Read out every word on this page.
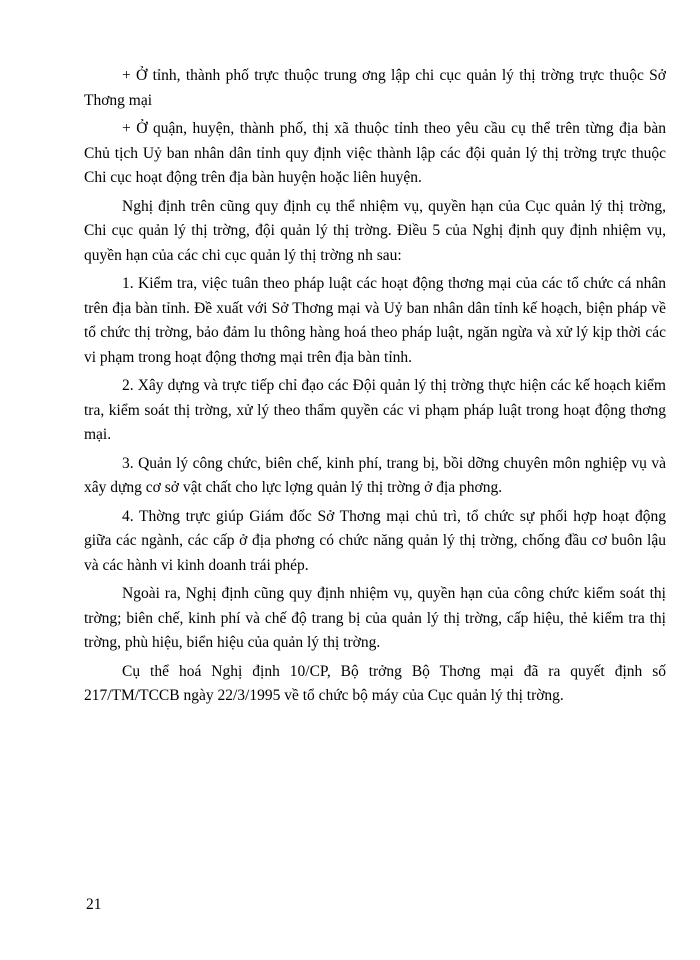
+ Ở tỉnh, thành phố trực thuộc trung ơng lập chi cục quản lý thị trờng trực thuộc Sở Thơng mại

+ Ở quận, huyện, thành phố, thị xã thuộc tỉnh theo yêu cầu cụ thể trên từng địa bàn Chủ tịch Uỷ ban nhân dân tỉnh quy định việc thành lập các đội quản lý thị trờng trực thuộc Chi cục hoạt động trên địa bàn huyện hoặc liên huyện.

Nghị định trên cũng quy định cụ thể nhiệm vụ, quyền hạn của Cục quản lý thị trờng, Chi cục quản lý thị trờng, đội quản lý thị trờng. Điều 5 của Nghị định quy định nhiệm vụ, quyền hạn của các chi cục quản lý thị trờng nh sau:

1. Kiểm tra, việc tuân theo pháp luật các hoạt động thơng mại của các tổ chức cá nhân trên địa bàn tỉnh. Đề xuất với Sở Thơng mại và Uỷ ban nhân dân tỉnh kế hoạch, biện pháp về tổ chức thị trờng, bảo đảm lu thông hàng hoá theo pháp luật, ngăn ngừa và xử lý kịp thời các vi phạm trong hoạt động thơng mại trên địa bàn tỉnh.

2. Xây dựng và trực tiếp chỉ đạo các Đội quản lý thị trờng thực hiện các kế hoạch kiểm tra, kiểm soát thị trờng, xử lý theo thẩm quyền các vi phạm pháp luật trong hoạt động thơng mại.

3. Quản lý công chức, biên chế, kinh phí, trang bị, bồi dỡng chuyên môn nghiệp vụ và xây dựng cơ sở vật chất cho lực lợng quản lý thị trờng ở địa phơng.

4. Thờng trực giúp Giám đốc Sở Thơng mại chủ trì, tổ chức sự phối hợp hoạt động giữa các ngành, các cấp ở địa phơng có chức năng quản lý thị trờng, chống đầu cơ buôn lậu và các hành vi kinh doanh trái phép.

Ngoài ra, Nghị định cũng quy định nhiệm vụ, quyền hạn của công chức kiểm soát thị trờng; biên chế, kinh phí và chế độ trang bị của quản lý thị trờng, cấp hiệu, thẻ kiểm tra thị trờng, phù hiệu, biển hiệu của quản lý thị trờng.

Cụ thể hoá Nghị định 10/CP, Bộ trởng Bộ Thơng mại đã ra quyết định số 217/TM/TCCB ngày 22/3/1995 về tổ chức bộ máy của Cục quản lý thị trờng.

21
